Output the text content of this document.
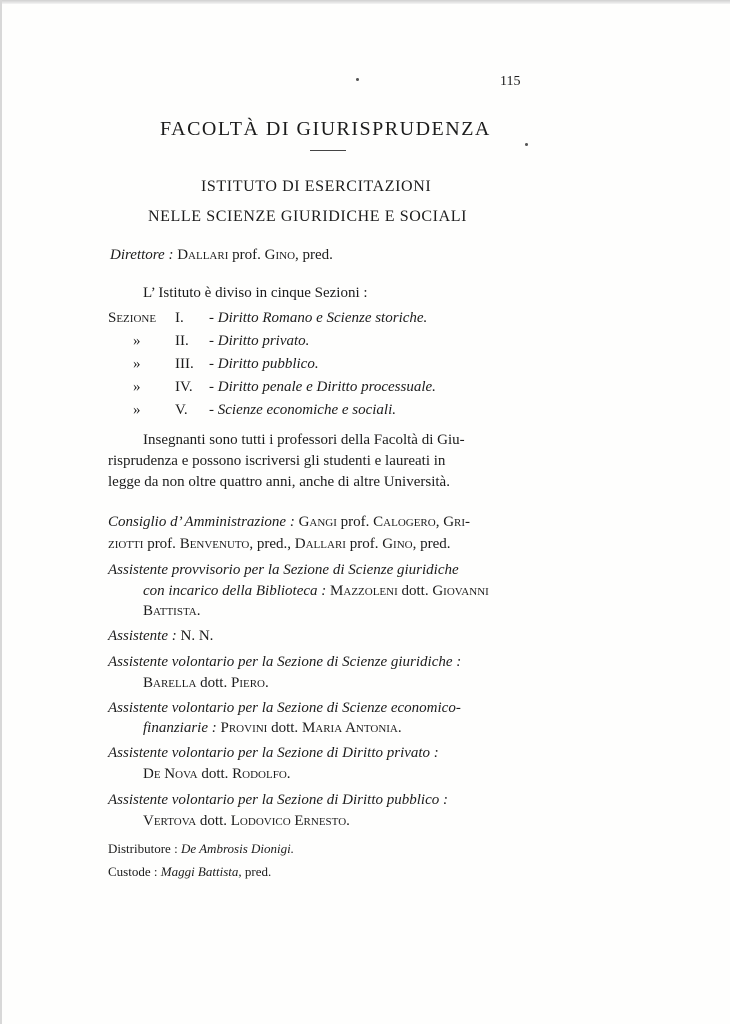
115
FACOLTÀ DI GIURISPRUDENZA
ISTITUTO DI ESERCITAZIONI
NELLE SCIENZE GIURIDICHE E SOCIALI
Direttore : Dallari prof. Gino, pred.
L’ Istituto è diviso in cinque Sezioni :
Sezione I. - Diritto Romano e Scienze storiche.
» II. - Diritto privato.
» III. - Diritto pubblico.
» IV. - Diritto penale e Diritto processuale.
» V. - Scienze economiche e sociali.
Insegnanti sono tutti i professori della Facoltà di Giu-
risprudenza e possono iscriversi gli studenti e laureati in
legge da non oltre quattro anni, anche di altre Università.
Consiglio d’ Amministrazione : Gangi prof. Calogero, Gri-
ziotti prof. Benvenuto, pred., Dallari prof. Gino, pred.
Assistente provvisorio per la Sezione di Scienze giuridiche
con incarico della Biblioteca : Mazzoleni dott. Giovanni
Battista.
Assistente : N. N.
Assistente volontario per la Sezione di Scienze giuridiche :
Barella dott. Piero.
Assistente volontario per la Sezione di Scienze economico-
finanziarie : Provini dott. Maria Antonia.
Assistente volontario per la Sezione di Diritto privato :
De Nova dott. Rodolfo.
Assistente volontario per la Sezione di Diritto pubblico :
Vertova dott. Lodovico Ernesto.
Distributore : De Ambrosis Dionigi.
Custode : Maggi Battista, pred.
